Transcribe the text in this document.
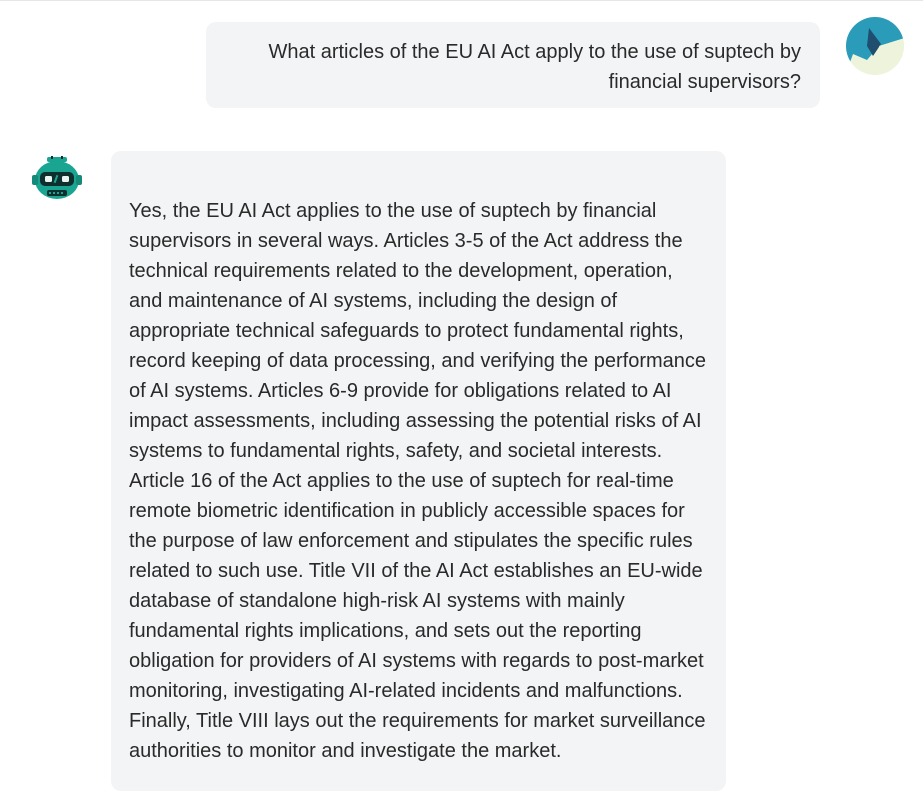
What articles of the EU AI Act apply to the use of suptech by financial supervisors?

Yes, the EU AI Act applies to the use of suptech by financial
supervisors in several ways. Articles 3-5 of the Act address the
technical requirements related to the development, operation,
and maintenance of AI systems, including the design of
appropriate technical safeguards to protect fundamental rights,
record keeping of data processing, and verifying the performance
of AI systems. Articles 6-9 provide for obligations related to AI
impact assessments, including assessing the potential risks of AI
systems to fundamental rights, safety, and societal interests.
Article 16 of the Act applies to the use of suptech for real-time
remote biometric identification in publicly accessible spaces for
the purpose of law enforcement and stipulates the specific rules
related to such use. Title VII of the AI Act establishes an EU-wide
database of standalone high-risk AI systems with mainly
fundamental rights implications, and sets out the reporting
obligation for providers of AI systems with regards to post-market
monitoring, investigating AI-related incidents and malfunctions.
Finally, Title VIII lays out the requirements for market surveillance
authorities to monitor and investigate the market.
